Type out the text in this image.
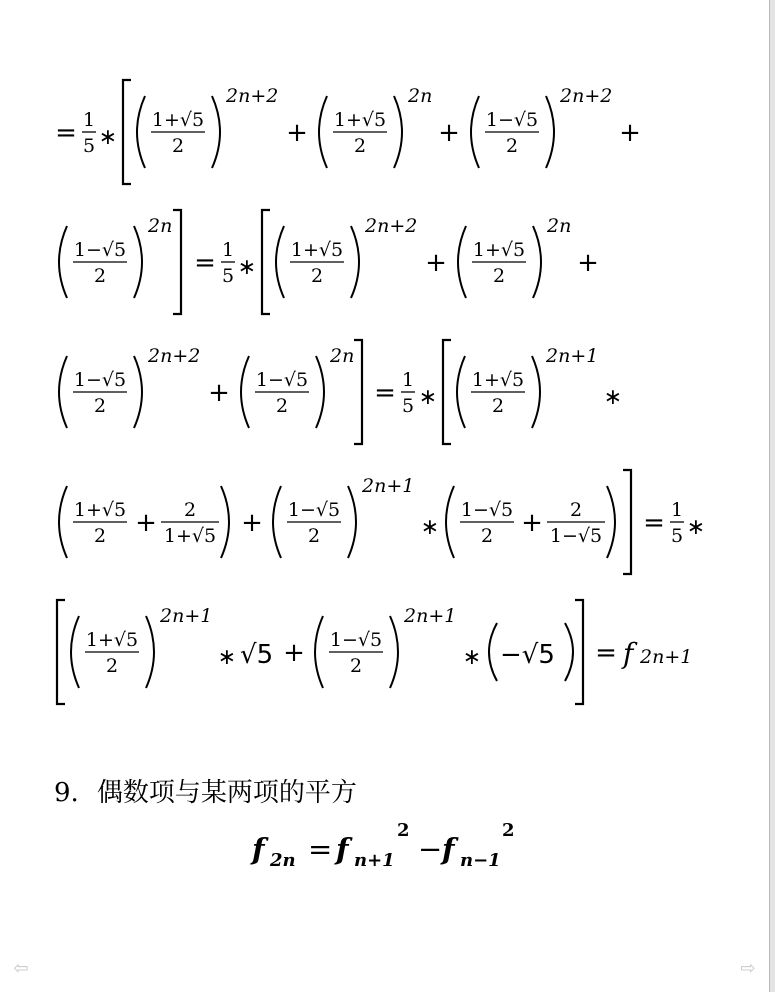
= 1
5 ∗
1+√5
2
2n+2
+ 1+√5
2
2n
+ 1−√5
2
2n+2
+
1−√5
2
2n
= 1
5 ∗
1+√5
2
2n+2
+ 1+√5
2
2n
+
1−√5
2
2n+2
+ 1−√5
2
2n
= 1
5 ∗
1+√5
2
2n+1
∗
1+√5
2 + 2
1+√5 + 1−√5
2
2n+1
∗
1−√5
2 + 2
1−√5 = 1
5 ∗
1+√5
2
2n+1
∗ √5 + 1−√5
2
2n+1
∗ −√5 = f 2n+1
9. 偶数项与某两项的平方
f 2n = f n+1
2
− f n−1
2
⇦	⇨
